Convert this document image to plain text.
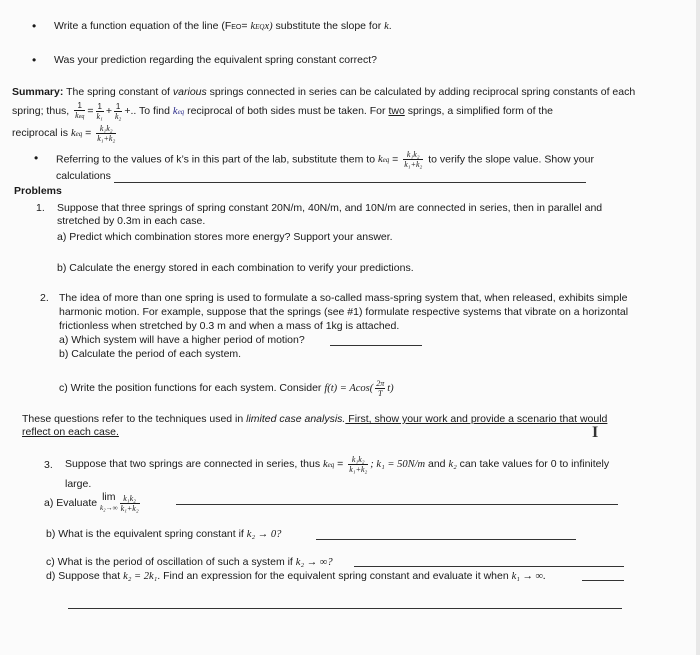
• Write a function equation of the line (FEO= kEQx) substitute the slope for k.
• Was your prediction regarding the equivalent spring constant correct?
Summary: The spring constant of various springs connected in series can be calculated by adding reciprocal spring constants of each
spring; thus, $\frac{1}{\text{keq}} = \frac{1}{\text{k₁}} + \frac{1}{\text{k₂}}$ +.. To find keq reciprocal of both sides must be taken. For two springs, a simplified form of the
reciprocal is keq = $\frac{\text{k₁k₂}}{\text{k₁+k₂}}$
• Referring to the values of k’s in this part of the lab, substitute them to keq = $\frac{\text{k₁k₂}}{\text{k₁+k₂}}$ to verify the slope value. Show your
calculations
Problems
1. Suppose that three springs of spring constant 20N/m, 40N/m, and 10N/m are connected in series, then in parallel and
stretched by 0.3m in each case.
a) Predict which combination stores more energy? Support your answer.
b) Calculate the energy stored in each combination to verify your predictions.
2. The idea of more than one spring is used to formulate a so-called mass-spring system that, when released, exhibits simple
harmonic motion. For example, suppose that the springs (see #1) formulate respective systems that vibrate on a horizontal
frictionless when stretched by 0.3 m and when a mass of 1kg is attached.
a) Which system will have a higher period of motion?
b) Calculate the period of each system.
c) Write the position functions for each system. Consider $f(t) = Acos( \frac{2\pi}{T} t)$
These questions refer to the techniques used in limited case analysis. First, show your work and provide a scenario that would
reflect on each case.	I
3. Suppose that two springs are connected in series, thus keq = $\frac{\text{k₁k₂}}{\text{k₁+k₂}}$ ; k₁ = 50N/m and k₂ can take values for 0 to infinitely
large.
a) Evaluate lim
$k_2\to\infty \frac{\text{k₁k₂}}{\text{k₁+k₂}}$
b) What is the equivalent spring constant if k₂ → 0?
c) What is the period of oscillation of such a system if k₂ → ∞?
d) Suppose that k₂ = 2k₁. Find an expression for the equivalent spring constant and evaluate it when k₁ → ∞.
